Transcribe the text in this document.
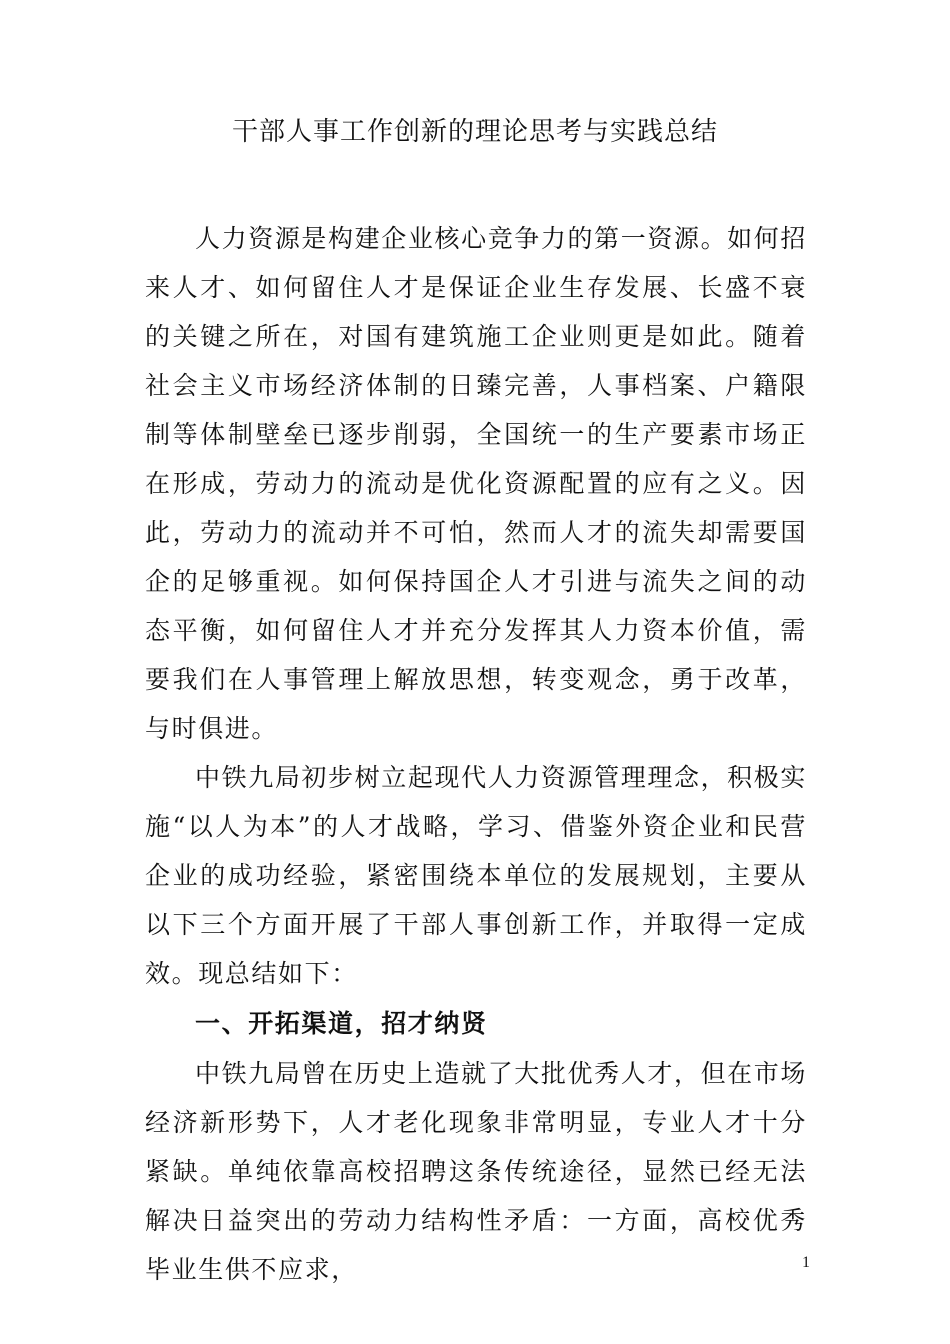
干部人事工作创新的理论思考与实践总结

人力资源是构建企业核心竞争力的第一资源。如何招来人才、如何留住人才是保证企业生存发展、长盛不衰的关键之所在，对国有建筑施工企业则更是如此。随着社会主义市场经济体制的日臻完善，人事档案、户籍限制等体制壁垒已逐步削弱，全国统一的生产要素市场正在形成，劳动力的流动是优化资源配置的应有之义。因此，劳动力的流动并不可怕，然而人才的流失却需要国企的足够重视。如何保持国企人才引进与流失之间的动态平衡，如何留住人才并充分发挥其人力资本价值，需要我们在人事管理上解放思想，转变观念，勇于改革，与时俱进。

中铁九局初步树立起现代人力资源管理理念，积极实施“以人为本”的人才战略，学习、借鉴外资企业和民营企业的成功经验，紧密围绕本单位的发展规划，主要从以下三个方面开展了干部人事创新工作，并取得一定成效。现总结如下：

一、开拓渠道，招才纳贤

中铁九局曾在历史上造就了大批优秀人才，但在市场经济新形势下，人才老化现象非常明显，专业人才十分紧缺。单纯依靠高校招聘这条传统途径，显然已经无法解决日益突出的劳动力结构性矛盾：一方面，高校优秀毕业生供不应求，	1
